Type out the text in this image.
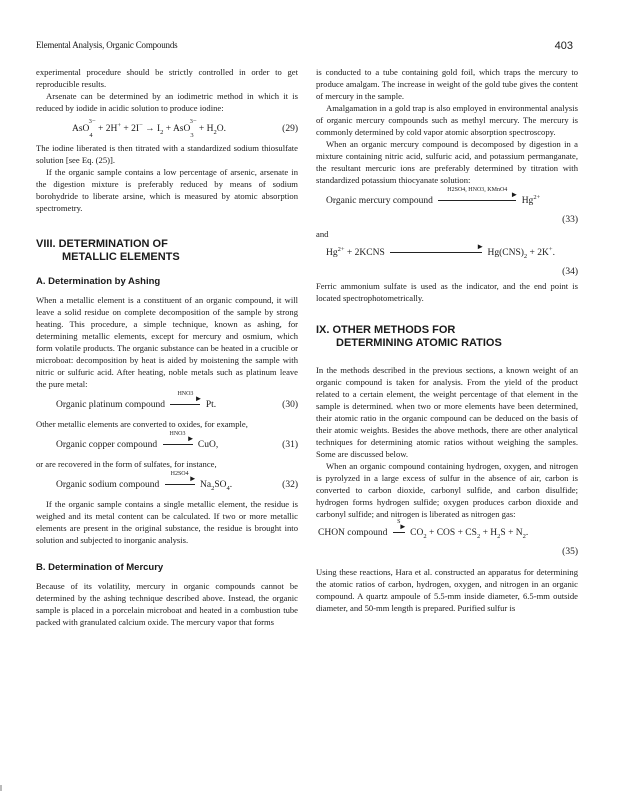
Elemental Analysis, Organic Compounds	403

experimental procedure should be strictly controlled in order to get reproducible results.

Arsenate can be determined by an iodimetric method in which it is reduced by iodide in acidic solution to produce iodine:

$AsO_4^{3-} + 2H^+ + 2I^- \to I_2 + AsO_3^{3-} + H_2O$.	(29)

The iodine liberated is then titrated with a standardized sodium thiosulfate solution [see Eq. (25)].

If the organic sample contains a low percentage of arsenic, arsenate in the digestion mixture is preferably reduced by means of sodium borohydride to liberate arsine, which is measured by atomic absorption spectrometry.

VIII. DETERMINATION OF
METALLIC ELEMENTS
A. Determination by Ashing

When a metallic element is a constituent of an organic compound, it will leave a solid residue on complete decomposition of the sample by strong heating. This procedure, a simple technique, known as ashing, for determining metallic elements, except for mercury and osmium, which form volatile products. The organic substance can be heated in a crucible or microboat: decomposition by heat is aided by moistening the sample with nitric or sulfuric acid. After heating, noble metals such as platinum leave the pure metal:

Organic platinum compound
HNO3 ►
Pt.	(30)

Other metallic elements are converted to oxides, for example,

Organic copper compound
HNO3 ►
CuO,	(31)

or are recovered in the form of sulfates, for instance,

Organic sodium compound
H2SO4 ►
$Na_2SO_4$.	(32)

If the organic sample contains a single metallic element, the residue is weighed and its metal content can be calculated. If two or more metallic elements are present in the original substance, the residue is brought into solution and subjected to inorganic analysis.

B. Determination of Mercury

Because of its volatility, mercury in organic compounds cannot be determined by the ashing technique described above. Instead, the organic sample is placed in a porcelain microboat and heated in a combustion tube packed with granulated calcium oxide. The mercury vapor that forms

is conducted to a tube containing gold foil, which traps the mercury to produce amalgam. The increase in weight of the gold tube gives the content of mercury in the sample.

Amalgamation in a gold trap is also employed in environmental analysis of organic mercury compounds such as methyl mercury. The mercury is commonly determined by cold vapor atomic absorption spectroscopy.

When an organic mercury compound is decomposed by digestion in a mixture containing nitric acid, sulfuric acid, and potassium permanganate, the resultant mercuric ions are preferably determined by titration with standardized potassium thiocyanate solution:

Organic mercury compound
H2SO4, HNO3, KMnO4 ►
$Hg^{2+}$
(33)

and

$Hg^{2+}$ + 2KCNS
►
$Hg(CNS)_2 + 2K^+$.
(34)

Ferric ammonium sulfate is used as the indicator, and the end point is located spectrophotometrically.

IX. OTHER METHODS FOR
DETERMINING ATOMIC RATIOS

In the methods described in the previous sections, a known weight of an organic compound is taken for analysis. From the yield of the product related to a certain element, the weight percentage of that element in the sample is determined. when two or more elements have been determined, their atomic ratio in the organic compound can be deduced on the basis of their atomic weights. Besides the above methods, there are other analytical techniques for determining atomic ratios without weighing the samples. Some are discussed below.

When an organic compound containing hydrogen, oxygen, and nitrogen is pyrolyzed in a large excess of sulfur in the absence of air, carbon is converted to carbon dioxide, carbonyl sulfide, and carbon disulfide; hydrogen forms hydrogen sulfide; oxygen produces carbon dioxide and carbonyl sulfide; and nitrogen is liberated as nitrogen gas:

CHON compound
S
►
$CO_2$ + COS + $CS_2 + H_2S + N_2$.
(35)

Using these reactions, Hara et al. constructed an apparatus for determining the atomic ratios of carbon, hydrogen, oxygen, and nitrogen in an organic compound. A quartz ampoule of 5.5-mm inside diameter, 6.5-mm outside diameter, and 50-mm length is prepared. Purified sulfur is
